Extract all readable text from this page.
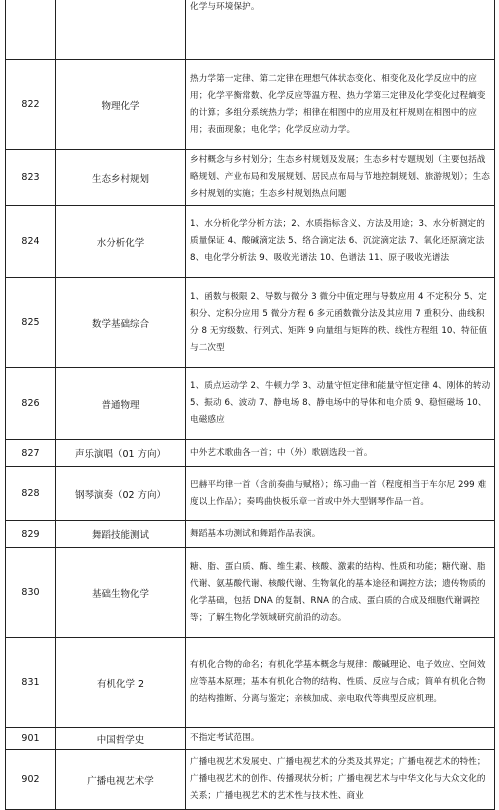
		化学与环境保护。
822	物理化学	热力学第一定律、第二定律在理想气体状态变化、相变化及化学反应中的应用；化学平衡常数、化学反应等温方程、热力学第三定律及化学变化过程熵变的计算；多组分系统热力学；相律在相图中的应用及杠杆规则在相图中的应用；表面现象；电化学；化学反应动力学。
823	生态乡村规划	乡村概念与乡村划分；生态乡村规划及发展；生态乡村专题规划（主要包括战略规划、产业布局和发展规划、居民点布局与节地控制规划、旅游规划）；生态乡村规划的实施；生态乡村规划热点问题
824	水分析化学	1、水分析化学分析方法；2、水质指标含义、方法及用途；3、水分析测定的质量保证 4、酸碱滴定法 5、络合滴定法 6、沉淀滴定法 7、氧化还原滴定法 8、电化学分析法 9、吸收光谱法 10、色谱法 11、原子吸收光谱法
825	数学基础综合	1、函数与极限 2、导数与微分 3 微分中值定理与导数应用 4 不定积分 5、定积分、定积分应用 5 微分方程 6 多元函数微分法及其应用 7 重积分、曲线积分 8 无穷级数、行列式、矩阵 9 向量组与矩阵的秩、线性方程组 10、特征值与二次型
826	普通物理	1、质点运动学 2、牛顿力学 3、动量守恒定律和能量守恒定律 4、刚体的转动 5、振动 6、波动 7、静电场 8、静电场中的导体和电介质 9、稳恒磁场 10、电磁感应
827	声乐演唱（01 方向）	中外艺术歌曲各一首；中（外）歌剧选段一首。
828	钢琴演奏（02 方向）	巴赫平均律一首（含前奏曲与赋格）；练习曲一首（程度相当于车尔尼 299 难度以上作品）；奏鸣曲快板乐章一首或中外大型钢琴作品一首。
829	舞蹈技能测试	舞蹈基本功测试和舞蹈作品表演。
830	基础生物化学	糖、脂、蛋白质、酶、维生素、核酸、激素的结构、性质和功能；糖代谢、脂代谢、氨基酸代谢、核酸代谢、生物氧化的基本途径和调控方法；遗传物质的化学基础，包括 DNA 的复制、RNA 的合成、蛋白质的合成及细胞代谢调控等；了解生物化学领域研究前沿的动态。
831	有机化学 2	有机化合物的命名；有机化学基本概念与规律：酸碱理论、电子效应、空间效应等基本原理；基本有机化合物的结构、性质、反应与合成；简单有机化合物的结构推断、分离与鉴定；亲核加成、亲电取代等典型反应机理。
901	中国哲学史	不指定考试范围。
902	广播电视艺术学	广播电视艺术发展史、广播电视艺术的分类及其界定；广播电视艺术的特性；广播电视艺术的创作、传播现状分析；广播电视艺术与中华文化与大众文化的关系；广播电视艺术的艺术性与技术性、商业
